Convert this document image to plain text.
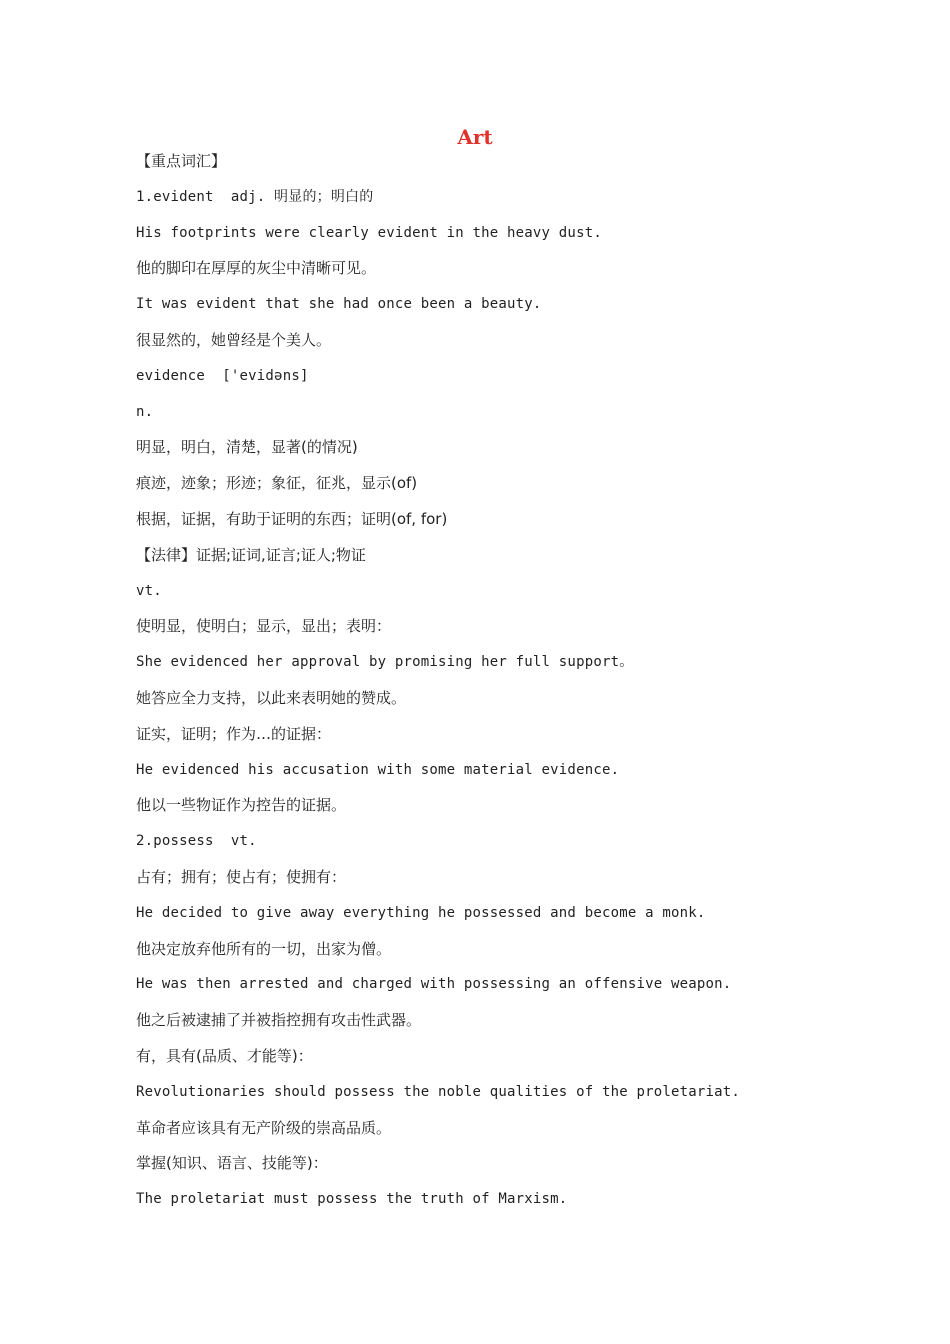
Art
【重点词汇】
1.evident  adj. 明显的；明白的
His footprints were clearly evident in the heavy dust.
他的脚印在厚厚的灰尘中清晰可见。
It was evident that she had once been a beauty.
很显然的，她曾经是个美人。
evidence  ['evidəns]
n.
明显，明白，清楚，显著(的情况)
痕迹，迹象；形迹；象征，征兆，显示(of)
根据，证据，有助于证明的东西；证明(of, for)
【法律】证据;证词,证言;证人;物证
vt.
使明显，使明白；显示，显出；表明：
She evidenced her approval by promising her full support。
她答应全力支持，以此来表明她的赞成。
证实，证明；作为…的证据：
He evidenced his accusation with some material evidence.
他以一些物证作为控告的证据。
2.possess  vt.
占有；拥有；使占有；使拥有：
He decided to give away everything he possessed and become a monk.
他决定放弃他所有的一切，出家为僧。
He was then arrested and charged with possessing an offensive weapon.
他之后被逮捕了并被指控拥有攻击性武器。
有，具有(品质、才能等)：
Revolutionaries should possess the noble qualities of the proletariat.
革命者应该具有无产阶级的崇高品质。
掌握(知识、语言、技能等)：
The proletariat must possess the truth of Marxism.
